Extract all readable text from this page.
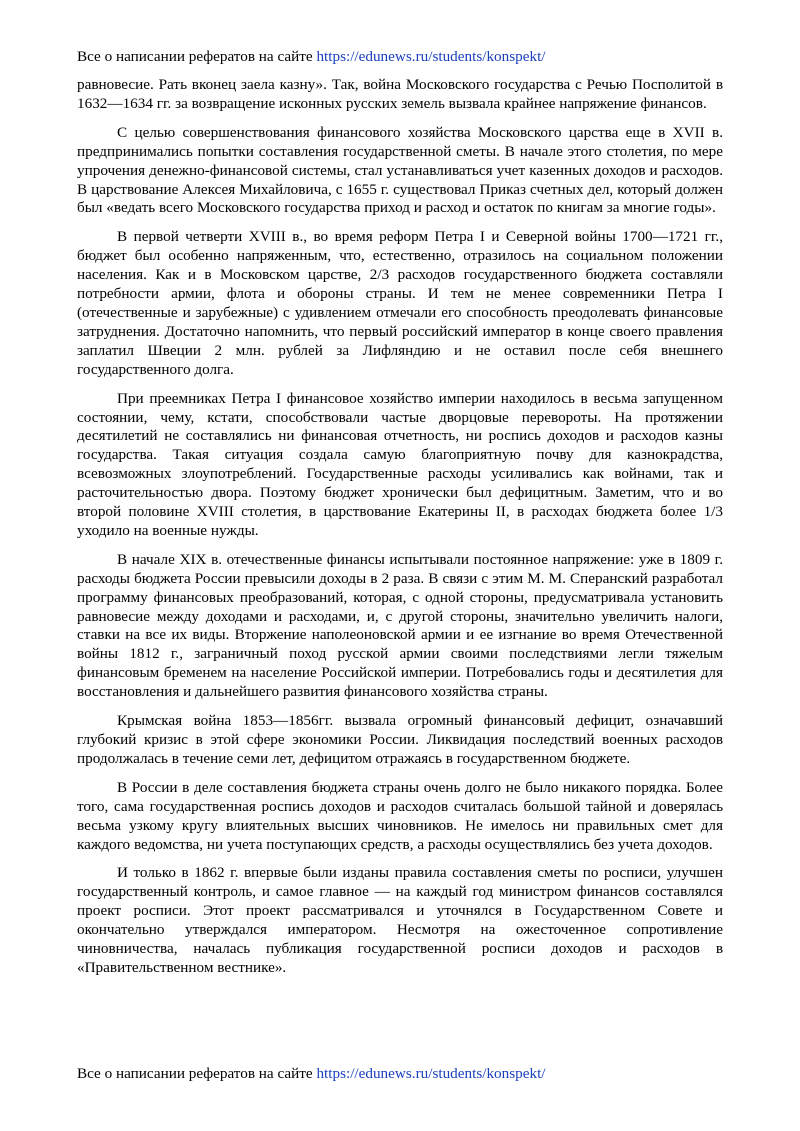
Все о написании рефератов на сайте https://edunews.ru/students/konspekt/

равновесие. Рать вконец заела казну». Так, война Московского государства с Речью Посполитой в 1632—1634 гг. за возвращение исконных русских земель вызвала крайнее напряжение финансов.

С целью совершенствования финансового хозяйства Московского царства еще в XVII в. предпринимались попытки составления государственной сметы. В начале этого столетия, по мере упрочения денежно-финансовой системы, стал устанавливаться учет казенных доходов и расходов. В царствование Алексея Михайловича, с 1655 г. существовал Приказ счетных дел, который должен был «ведать всего Московского государства приход и расход и остаток по книгам за многие годы».

В первой четверти XVIII в., во время реформ Петра I и Северной войны 1700—1721 гг., бюджет был особенно напряженным, что, естественно, отразилось на социальном положении населения. Как и в Московском царстве, 2/3 расходов государственного бюджета составляли потребности армии, флота и обороны страны. И тем не менее современники Петра I (отечественные и зарубежные) с удивлением отмечали его способность преодолевать финансовые затруднения. Достаточно напомнить, что первый российский император в конце своего правления заплатил Швеции 2 млн. рублей за Лифляндию и не оставил после себя внешнего государственного долга.

При преемниках Петра I финансовое хозяйство империи находилось в весьма запущенном состоянии, чему, кстати, способствовали частые дворцовые перевороты. На протяжении десятилетий не составлялись ни финансовая отчетность, ни роспись доходов и расходов казны государства. Такая ситуация создала самую благоприятную почву для казнокрадства, всевозможных злоупотреблений. Государственные расходы усиливались как войнами, так и расточительностью двора. Поэтому бюджет хронически был дефицитным. Заметим, что и во второй половине XVIII столетия, в царствование Екатерины II, в расходах бюджета более 1/3 уходило на военные нужды.

В начале XIX в. отечественные финансы испытывали постоянное напряжение: уже в 1809 г. расходы бюджета России превысили доходы в 2 раза. В связи с этим М. М. Сперанский разработал программу финансовых преобразований, которая, с одной стороны, предусматривала установить равновесие между доходами и расходами, и, с другой стороны, значительно увеличить налоги, ставки на все их виды. Вторжение наполеоновской армии и ее изгнание во время Отечественной войны 1812 г., заграничный поход русской армии своими последствиями легли тяжелым финансовым бременем на население Российской империи. Потребовались годы и десятилетия для восстановления и дальнейшего развития финансового хозяйства страны.

Крымская война 1853—1856гг. вызвала огромный финансовый дефицит, означавший глубокий кризис в этой сфере экономики России. Ликвидация последствий военных расходов продолжалась в течение семи лет, дефицитом отражаясь в государственном бюджете.

В России в деле составления бюджета страны очень долго не было никакого порядка. Более того, сама государственная роспись доходов и расходов считалась большой тайной и доверялась весьма узкому кругу влиятельных высших чиновников. Не имелось ни правильных смет для каждого ведомства, ни учета поступающих средств, а расходы осуществлялись без учета доходов.

И только в 1862 г. впервые были изданы правила составления сметы по росписи, улучшен государственный контроль, и самое главное — на каждый год министром финансов составлялся проект росписи. Этот проект рассматривался и уточнялся в Государственном Совете и окончательно утверждался императором. Несмотря на ожесточенное сопротивление чиновничества, началась публикация государственной росписи доходов и расходов в «Правительственном вестнике».

Все о написании рефератов на сайте https://edunews.ru/students/konspekt/
